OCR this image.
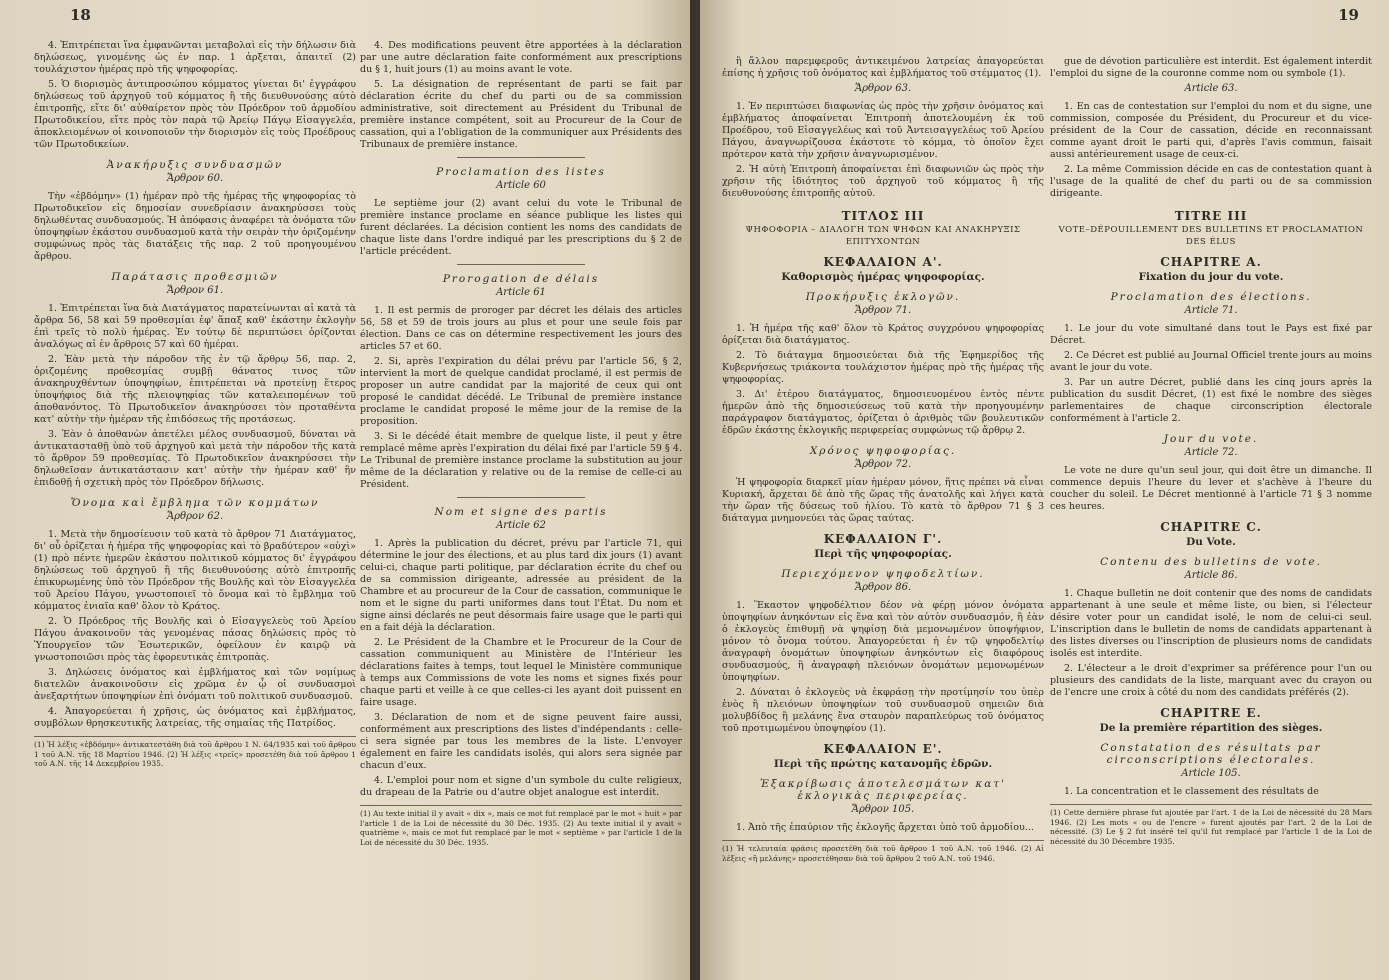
18

4. Ἐπιτρέπεται ἵνα ἐμφανῶνται μεταβολαὶ εἰς τὴν δήλωσιν διὰ δηλώσεως, γινομένης ὡς ἐν παρ. 1 ἀρξεται, ἀπαιτεῖ (2) τουλάχιστον ἡμέρας πρὸ τῆς ψηφοφορίας.

5. Ὁ διορισμὸς ἀντιπροσώπου κόμματος γίνεται δι' ἐγγράφου δηλώσεως τοῦ ἀρχηγοῦ τοῦ κόμματος ἢ τῆς διευθυνούσης αὐτὸ ἐπιτροπῆς, εἴτε δι' αὐθαίρετον πρὸς τὸν Πρόεδρον τοῦ ἁρμοδίου Πρωτοδικείου, εἴτε πρὸς τὸν παρὰ τῷ Ἀρείῳ Πάγῳ Εἰσαγγελέα, ἀποκλειομένων οἱ κοινοποιοῦν τὴν διορισμὸν εἰς τοὺς Προέδρους τῶν Πρωτοδικείων.

Ἀνακήρυξις συνδυασμῶν
Ἄρθρον 60.

Τὴν «ἑβδόμην» (1) ἡμέραν πρὸ τῆς ἡμέρας τῆς ψηφοφορίας τὸ Πρωτοδικεῖον εἰς δημοσίαν συνεδρίασιν ἀνακηρύσσει τοὺς δηλωθέντας συνδυασμούς. Ἡ ἀπόφασις ἀναφέρει τὰ ὀνόματα τῶν ὑποψηφίων ἑκάστου συνδυασμοῦ κατὰ τὴν σειρὰν τὴν ὁριζομένην συμφώνως πρὸς τὰς διατάξεις τῆς παρ. 2 τοῦ προηγουμένου ἄρθρου.

Παράτασις προθεσμιῶν
Ἄρθρον 61.

1. Ἐπιτρέπεται ἵνα διὰ Διατάγματος παρατείνωνται αἱ κατὰ τὰ ἄρθρα 56, 58 καὶ 59 προθεσμίαι ἐφ' ἅπαξ καθ' ἑκάστην ἐκλογὴν ἐπὶ τρεῖς τὸ πολὺ ἡμέρας. Ἐν τούτῳ δὲ περιπτώσει ὁρίζονται ἀναλόγως αἱ ἐν ἄρθροις 57 καὶ 60 ἡμέραι.

2. Ἐὰν μετὰ τὴν πάροδον τῆς ἐν τῷ ἄρθρῳ 56, παρ. 2, ὁριζομένης προθεσμίας συμβῇ θάνατος τινος τῶν ἀνακηρυχθέντων ὑποψηφίων, ἐπιτρέπεται νὰ προτείνῃ ἕτερος ὑποψήφιος διὰ τῆς πλειοψηφίας τῶν καταλειπομένων τοῦ ἀποθανόντος. Τὸ Πρωτοδικεῖον ἀνακηρύσσει τὸν προταθέντα κατ' αὐτὴν τὴν ἡμέραν τῆς ἐπιδόσεως τῆς προτάσεως.

3. Ἐὰν ὁ ἀποθανὼν ἀπετέλει μέλος συνδυασμοῦ, δύναται νὰ ἀντικατασταθῇ ὑπὸ τοῦ ἀρχηγοῦ καὶ μετὰ τὴν πάροδον τῆς κατὰ τὸ ἄρθρον 59 προθεσμίας. Τὸ Πρωτοδικεῖον ἀνακηρύσσει τὴν δηλωθεῖσαν ἀντικατάστασιν κατ' αὐτὴν τὴν ἡμέραν καθ' ἣν ἐπιδοθῇ ἡ σχετικὴ πρὸς τὸν Πρόεδρον δήλωσις.

Ὄνομα καὶ ἔμβλημα τῶν κομμάτων
Ἄρθρον 62.

1. Μετὰ τὴν δημοσίευσιν τοῦ κατὰ τὸ ἄρθρον 71 Διατάγματος, δι' οὗ ὁρίζεται ἡ ἡμέρα τῆς ψηφοφορίας καὶ τὸ βραδύτερον «οὐχὶ» (1) πρὸ πέντε ἡμερῶν ἑκάστου πολιτικοῦ κόμματος δι' ἐγγράφου δηλώσεως τοῦ ἀρχηγοῦ ἢ τῆς διευθυνούσης αὐτὸ ἐπιτροπῆς ἐπικυρωμένης ὑπὸ τὸν Πρόεδρον τῆς Βουλῆς καὶ τὸν Εἰσαγγελέα τοῦ Ἀρείου Πάγου, γνωστοποιεῖ τὸ ὄνομα καὶ τὸ ἔμβλημα τοῦ κόμματος ἐνιαῖα καθ' ὅλον τὸ Κράτος.

2. Ὁ Πρόεδρος τῆς Βουλῆς καὶ ὁ Εἰσαγγελεὺς τοῦ Ἀρείου Πάγου ἀνακοινοῦν τὰς γενομένας πάσας δηλώσεις πρὸς τὸ Ὑπουργεῖον τῶν Ἐσωτερικῶν, ὀφείλουν ἐν καιρῷ νὰ γνωστοποιῶσι πρὸς τὰς ἐφορευτικὰς ἐπιτροπὰς.

3. Δηλώσεις ὀνόματος καὶ ἐμβλήματος καὶ τῶν νομίμως διατελῶν ἀνακοινοῦσιν εἰς χρῶμα ἐν ᾧ οἱ συνδυασμοὶ ἀνεξαρτήτων ὑποψηφίων ἐπὶ ὀνόματι τοῦ πολιτικοῦ συνδυασμοῦ.

4. Ἀπαγορεύεται ἡ χρῆσις, ὡς ὀνόματος καὶ ἐμβλήματος, συμβόλων θρησκευτικῆς λατρείας, τῆς σημαίας τῆς Πατρίδος.

(1) Ἡ λέξις «ἑβδόμην» ἀντικατεστάθη διὰ τοῦ ἄρθρου 1 Ν. 64/1935 καὶ τοῦ ἄρθρου 1 τοῦ Α.Ν. τῆς 18 Μαρτίου 1946. (2) Ἡ λέξις «τρεῖς» προσετέθη διὰ τοῦ ἄρθρου 1 τοῦ Α.Ν. τῆς 14 Δεκεμβρίου 1935.

4. Des modifications peuvent être apportées à la déclaration par une autre déclaration faite conformément aux prescriptions du § 1, huit jours (1) au moins avant le vote.

5. La désignation de représentant de parti se fait par déclaration écrite du chef du parti ou de sa commission administrative, soit directement au Président du Tribunal de première instance compétent, soit au Procureur de la Cour de cassation, qui a l'obligation de la communiquer aux Présidents des Tribunaux de première instance.

Proclamation des listes
Article 60

Le septième jour (2) avant celui du vote le Tribunal de première instance proclame en séance publique les listes qui furent déclarées. La décision contient les noms des candidats de chaque liste dans l'ordre indiqué par les prescriptions du § 2 de l'article précédent.

Prorogation de délais
Article 61

1. Il est permis de proroger par décret les délais des articles 56, 58 et 59 de trois jours au plus et pour une seule fois par élection. Dans ce cas on détermine respectivement les jours des articles 57 et 60.

2. Si, après l'expiration du délai prévu par l'article 56, § 2, intervient la mort de quelque candidat proclamé, il est permis de proposer un autre candidat par la majorité de ceux qui ont proposé le candidat décédé. Le Tribunal de première instance proclame le candidat proposé le même jour de la remise de la proposition.

3. Si le décédé était membre de quelque liste, il peut y être remplacé même après l'expiration du délai fixé par l'article 59 § 4. Le Tribunal de première instance proclame la substitution au jour même de la déclaration y relative ou de la remise de celle-ci au Président.

Nom et signe des partis
Article 62

1. Après la publication du décret, prévu par l'article 71, qui détermine le jour des élections, et au plus tard dix jours (1) avant celui-ci, chaque parti politique, par déclaration écrite du chef ou de sa commission dirigeante, adressée au président de la Chambre et au procureur de la Cour de cassation, communique le nom et le signe du parti uniformes dans tout l'État. Du nom et signe ainsi déclarés ne peut désormais faire usage que le parti qui en a fait déjà la déclaration.

2. Le Président de la Chambre et le Procureur de la Cour de cassation communiquent au Ministère de l'Intérieur les déclarations faites à temps, tout lequel le Ministère communique à temps aux Commissions de vote les noms et signes fixés pour chaque parti et veille à ce que celles-ci les ayant doit puissent en faire usage.

3. Déclaration de nom et de signe peuvent faire aussi, conformément aux prescriptions des listes d'indépendants : celle-ci sera signée par tous les membres de la liste. L'envoyer également en faire les candidats isolés, qui alors sera signée par chacun d'eux.

4. L'emploi pour nom et signe d'un symbole du culte religieux, du drapeau de la Patrie ou d'autre objet analogue est interdit.

(1) Au texte initial il y avait « dix », mais ce mot fut remplacé par le mot « huit » par l'article 1 de la Loi de nécessité du 30 Déc. 1935. (2) Au texte initial il y avait « quatrième », mais ce mot fut remplacé par le mot « septième » par l'article 1 de la Loi de nécessité du 30 Déc. 1935.

19

ἢ ἄλλου παρεμφεροῦς ἀντικειμένου λατρείας ἀπαγορεύεται ἐπίσης ἡ χρῆσις τοῦ ὀνόματος καὶ ἐμβλήματος τοῦ στέμματος (1).

Ἄρθρον 63.

1. Ἐν περιπτώσει διαφωνίας ὡς πρὸς τὴν χρῆσιν ὀνόματος καὶ ἐμβλήματος ἀποφαίνεται Ἐπιτροπὴ ἀποτελουμένη ἐκ τοῦ Προέδρου, τοῦ Εἰσαγγελέως καὶ τοῦ Ἀντεισαγγελέως τοῦ Ἀρείου Πάγου, ἀναγνωρίζουσα ἑκάστοτε τὸ κόμμα, τὸ ὁποῖον ἔχει πρότερον κατὰ τὴν χρῆσιν ἀναγνωρισμένον.

2. Ἡ αὐτὴ Ἐπιτροπὴ ἀποφαίνεται ἐπὶ διαφωνιῶν ὡς πρὸς τὴν χρῆσιν τῆς ἰδιότητος τοῦ ἀρχηγοῦ τοῦ κόμματος ἢ τῆς διευθυνούσης ἐπιτροπῆς αὐτοῦ.

ΤΙΤΛΟΣ III
ΨΗΦΟΦΟΡΙΑ – ΔΙΑΛΟΓΗ ΤΩΝ ΨΗΦΩΝ ΚΑΙ ΑΝΑΚΗΡΥΞΙΣ ΕΠΙΤΥΧΟΝΤΩΝ
ΚΕΦΑΛΑΙΟΝ Α'.
Καθορισμὸς ἡμέρας ψηφοφορίας.
Προκήρυξις ἐκλογῶν.
Ἄρθρον 71.

1. Ἡ ἡμέρα τῆς καθ' ὅλον τὸ Κράτος συγχρόνου ψηφοφορίας ὁρίζεται διὰ διατάγματος.

2. Τὸ διάταγμα δημοσιεύεται διὰ τῆς Ἐφημερίδος τῆς Κυβερνήσεως τριάκοντα τουλάχιστον ἡμέρας πρὸ τῆς ἡμέρας τῆς ψηφοφορίας.

3. Δι' ἑτέρου διατάγματος, δημοσιευομένου ἐντὸς πέντε ἡμερῶν ἀπὸ τῆς δημοσιεύσεως τοῦ κατὰ τὴν προηγουμένην παράγραφον διατάγματος, ὁρίζεται ὁ ἀριθμὸς τῶν βουλευτικῶν ἑδρῶν ἑκάστης ἐκλογικῆς περιφερείας συμφώνως τῷ ἄρθρῳ 2.

Χρόνος ψηφοφορίας.
Ἄρθρον 72.

Ἡ ψηφοφορία διαρκεῖ μίαν ἡμέραν μόνον, ἥτις πρέπει νὰ εἶναι Κυριακή, ἄρχεται δὲ ἀπὸ τῆς ὥρας τῆς ἀνατολῆς καὶ λήγει κατὰ τὴν ὥραν τῆς δύσεως τοῦ ἡλίου. Τὸ κατὰ τὸ ἄρθρον 71 § 3 διάταγμα μνημονεύει τὰς ὥρας ταύτας.

ΚΕΦΑΛΑΙΟΝ Γ'.
Περὶ τῆς ψηφοφορίας.
Περιεχόμενον ψηφοδελτίων.
Ἄρθρον 86.

1. Ἕκαστον ψηφοδέλτιον δέον νὰ φέρῃ μόνον ὀνόματα ὑποψηφίων ἀνηκόντων εἰς ἕνα καὶ τὸν αὐτὸν συνδυασμόν, ἢ ἐὰν ὁ ἐκλογεὺς ἐπιθυμῇ νὰ ψηφίσῃ διὰ μεμονωμένον ὑποψήφιον, μόνον τὸ ὄνομα τούτου. Ἀπαγορεύεται ἡ ἐν τῷ ψηφοδελτίῳ ἀναγραφὴ ὀνομάτων ὑποψηφίων ἀνηκόντων εἰς διαφόρους συνδυασμούς, ἢ ἀναγραφὴ πλειόνων ὀνομάτων μεμονωμένων ὑποψηφίων.

2. Δύναται ὁ ἐκλογεὺς νὰ ἐκφράσῃ τὴν προτίμησίν του ὑπὲρ ἑνὸς ἢ πλειόνων ὑποψηφίων τοῦ συνδυασμοῦ σημειῶν διὰ μολυβδίδος ἢ μελάνης ἕνα σταυρὸν παραπλεύρως τοῦ ὀνόματος τοῦ προτιμωμένου ὑποψηφίου (1).

ΚΕΦΑΛΑΙΟΝ Ε'.
Περὶ τῆς πρώτης κατανομῆς ἑδρῶν.
Ἐξακρίβωσις ἀποτελεσμάτων κατ' ἐκλογικὰς περιφερείας.
Ἄρθρον 105.

1. Ἀπὸ τῆς ἐπαύριον τῆς ἐκλογῆς ἄρχεται ὑπὸ τοῦ ἁρμοδίου...

(1) Ἡ τελευταία φράσις προσετέθη διὰ τοῦ ἄρθρου 1 τοῦ Α.Ν. τοῦ 1946. (2) Αἱ λέξεις «ἢ μελάνης» προσετέθησαν διὰ τοῦ ἄρθρου 2 τοῦ Α.Ν. τοῦ 1946.

gue de dévotion particulière est interdit. Est également interdit l'emploi du signe de la couronne comme nom ou symbole (1).

Article 63.

1. En cas de contestation sur l'emploi du nom et du signe, une commission, composée du Président, du Procureur et du vice-président de la Cour de cassation, décide en reconnaissant comme ayant droit le parti qui, d'après l'avis commun, faisait aussi antérieurement usage de ceux-ci.

2. La même Commission décide en cas de contestation quant à l'usage de la qualité de chef du parti ou de sa commission dirigeante.

TITRE III
VOTE–DÉPOUILLEMENT DES BULLETINS ET PROCLAMATION DES ÉLUS
CHAPITRE A.
Fixation du jour du vote.
Proclamation des élections.
Article 71.

1. Le jour du vote simultané dans tout le Pays est fixé par Décret.

2. Ce Décret est publié au Journal Officiel trente jours au moins avant le jour du vote.

3. Par un autre Décret, publié dans les cinq jours après la publication du susdit Décret, (1) est fixé le nombre des sièges parlementaires de chaque circonscription électorale conformément à l'article 2.

Jour du vote.
Article 72.

Le vote ne dure qu'un seul jour, qui doit être un dimanche. Il commence depuis l'heure du lever et s'achève à l'heure du coucher du soleil. Le Décret mentionné à l'article 71 § 3 nomme ces heures.

CHAPITRE C.
Du Vote.
Contenu des bulletins de vote.
Article 86.

1. Chaque bulletin ne doit contenir que des noms de candidats appartenant à une seule et même liste, ou bien, si l'électeur désire voter pour un candidat isolé, le nom de celui-ci seul. L'inscription dans le bulletin de noms de candidats appartenant à des listes diverses ou l'inscription de plusieurs noms de candidats isolés est interdite.

2. L'électeur a le droit d'exprimer sa préférence pour l'un ou plusieurs des candidats de la liste, marquant avec du crayon ou de l'encre une croix à côté du nom des candidats préférés (2).

CHAPITRE E.
De la première répartition des sièges.
Constatation des résultats par circonscriptions électorales.
Article 105.

1. La concentration et le classement des résultats de

(1) Cette dernière phrase fut ajoutée par l'art. 1 de la Loi de nécessité du 28 Mars 1946. (2) Les mots « ou de l'encre » furent ajoutés par l'art. 2 de la Loi de nécessité. (3) Le § 2 fut inséré tel qu'il fut remplacé par l'article 1 de la Loi de nécessité du 30 Décembre 1935.
